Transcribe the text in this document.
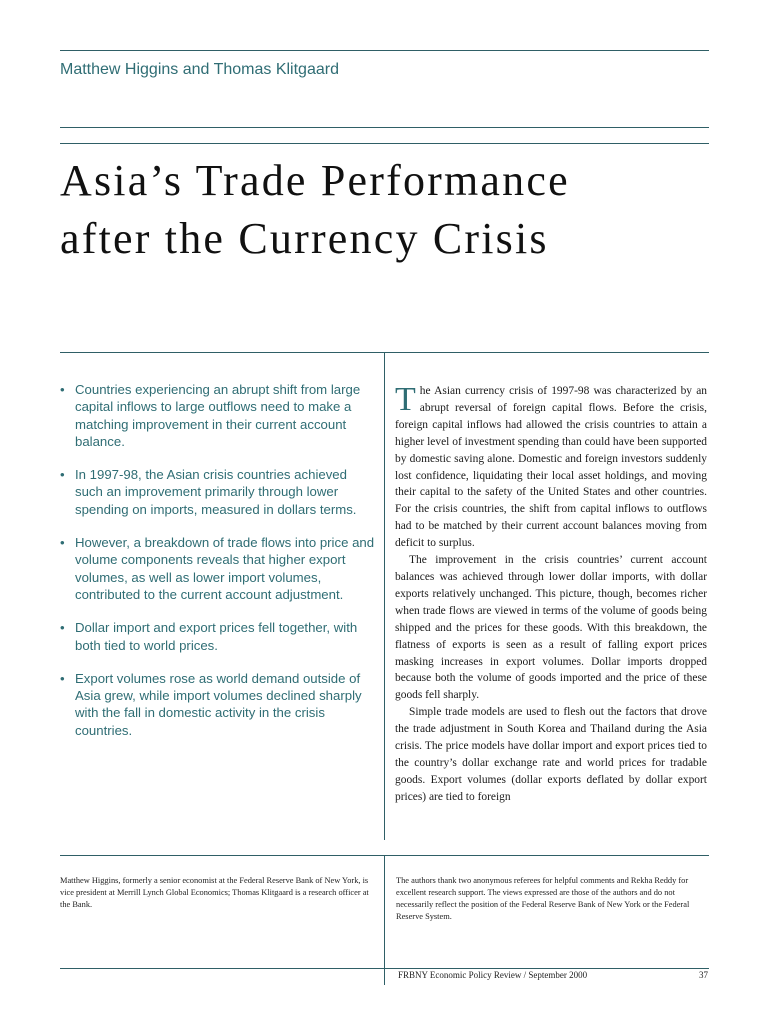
Matthew Higgins and Thomas Klitgaard
Asia’s Trade Performance
after the Currency Crisis
• Countries experiencing an abrupt shift from large capital inflows to large outflows need to make a matching improvement in their current account balance.
• In 1997-98, the Asian crisis countries achieved such an improvement primarily through lower spending on imports, measured in dollars terms.
• However, a breakdown of trade flows into price and volume components reveals that higher export volumes, as well as lower import volumes, contributed to the current account adjustment.
• Dollar import and export prices fell together, with both tied to world prices.
• Export volumes rose as world demand outside of Asia grew, while import volumes declined sharply with the fall in domestic activity in the crisis countries.

The Asian currency crisis of 1997-98 was characterized by an abrupt reversal of foreign capital flows. Before the crisis, foreign capital inflows had allowed the crisis countries to attain a higher level of investment spending than could have been supported by domestic saving alone. Domestic and foreign investors suddenly lost confidence, liquidating their local asset holdings, and moving their capital to the safety of the United States and other countries. For the crisis countries, the shift from capital inflows to outflows had to be matched by their current account balances moving from deficit to surplus.

The improvement in the crisis countries’ current account balances was achieved through lower dollar imports, with dollar exports relatively unchanged. This picture, though, becomes richer when trade flows are viewed in terms of the volume of goods being shipped and the prices for these goods. With this breakdown, the flatness of exports is seen as a result of falling export prices masking increases in export volumes. Dollar imports dropped because both the volume of goods imported and the price of these goods fell sharply.

Simple trade models are used to flesh out the factors that drove the trade adjustment in South Korea and Thailand during the Asia crisis. The price models have dollar import and export prices tied to the country’s dollar exchange rate and world prices for tradable goods. Export volumes (dollar exports deflated by dollar export prices) are tied to foreign

Matthew Higgins, formerly a senior economist at the Federal Reserve Bank of New York, is vice president at Merrill Lynch Global Economics; Thomas Klitgaard is a research officer at the Bank.
The authors thank two anonymous referees for helpful comments and Rekha Reddy for excellent research support. The views expressed are those of the authors and do not necessarily reflect the position of the Federal Reserve Bank of New York or the Federal Reserve System.
FRBNY Economic Policy Review / September 2000	37
